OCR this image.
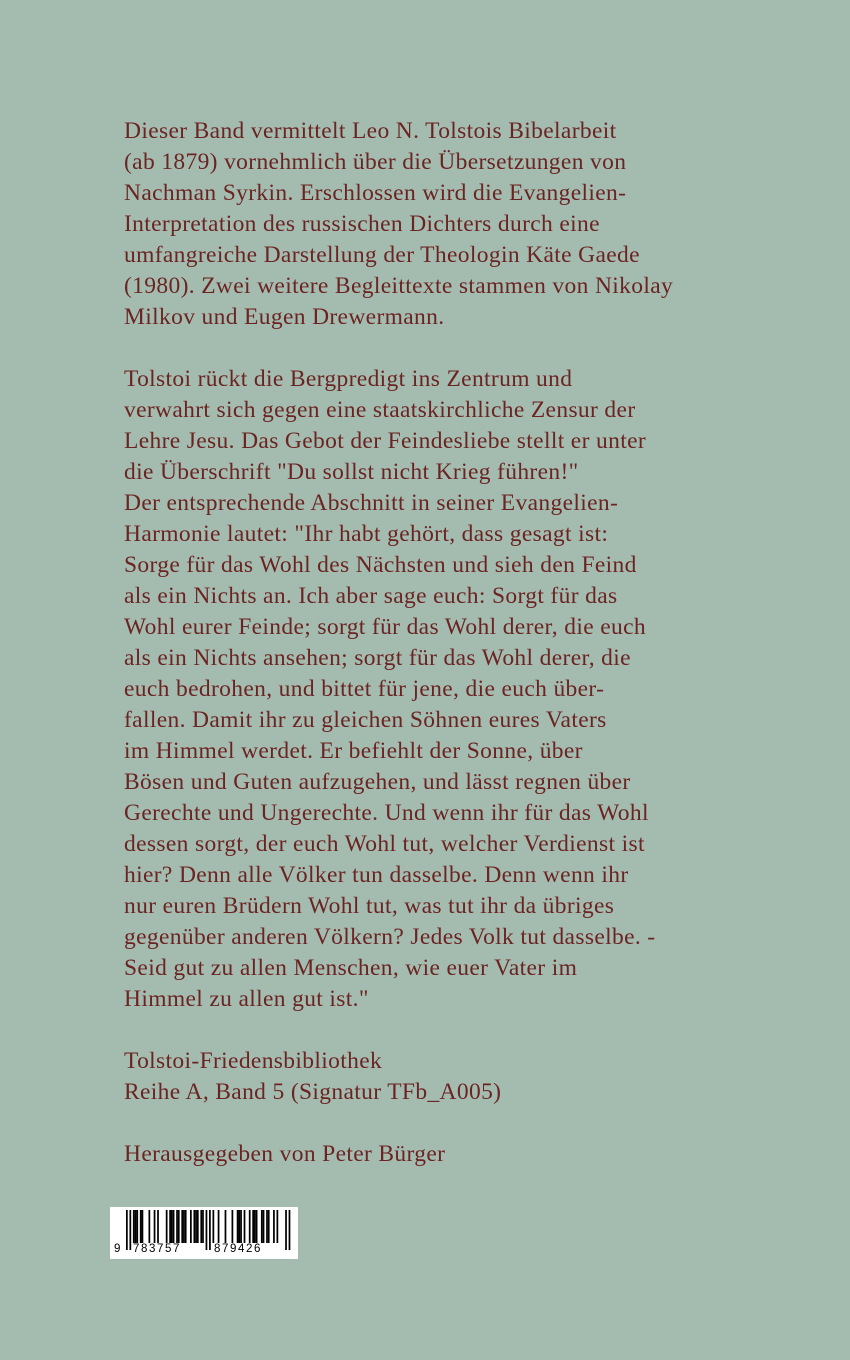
Dieser Band vermittelt Leo N. Tolstois Bibelarbeit

(ab 1879) vornehmlich über die Übersetzungen von

Nachman Syrkin. Erschlossen wird die Evangelien-

Interpretation des russischen Dichters durch eine

umfangreiche Darstellung der Theologin Käte Gaede

(1980). Zwei weitere Begleittexte stammen von Nikolay

Milkov und Eugen Drewermann.

Tolstoi rückt die Bergpredigt ins Zentrum und

verwahrt sich gegen eine staatskirchliche Zensur der

Lehre Jesu. Das Gebot der Feindesliebe stellt er unter

die Überschrift "Du sollst nicht Krieg führen!"

Der entsprechende Abschnitt in seiner Evangelien-

Harmonie lautet: "Ihr habt gehört, dass gesagt ist:

Sorge für das Wohl des Nächsten und sieh den Feind

als ein Nichts an. Ich aber sage euch: Sorgt für das

Wohl eurer Feinde; sorgt für das Wohl derer, die euch

als ein Nichts ansehen; sorgt für das Wohl derer, die

euch bedrohen, und bittet für jene, die euch über-

fallen. Damit ihr zu gleichen Söhnen eures Vaters

im Himmel werdet. Er befiehlt der Sonne, über

Bösen und Guten aufzugehen, und lässt regnen über

Gerechte und Ungerechte. Und wenn ihr für das Wohl

dessen sorgt, der euch Wohl tut, welcher Verdienst ist

hier? Denn alle Völker tun dasselbe. Denn wenn ihr

nur euren Brüdern Wohl tut, was tut ihr da übriges

gegenüber anderen Völkern? Jedes Volk tut dasselbe. -

Seid gut zu allen Menschen, wie euer Vater im

Himmel zu allen gut ist."

Tolstoi-Friedensbibliothek

Reihe A, Band 5 (Signatur TFb_A005)

Herausgegeben von Peter Bürger

9 783757	879426
